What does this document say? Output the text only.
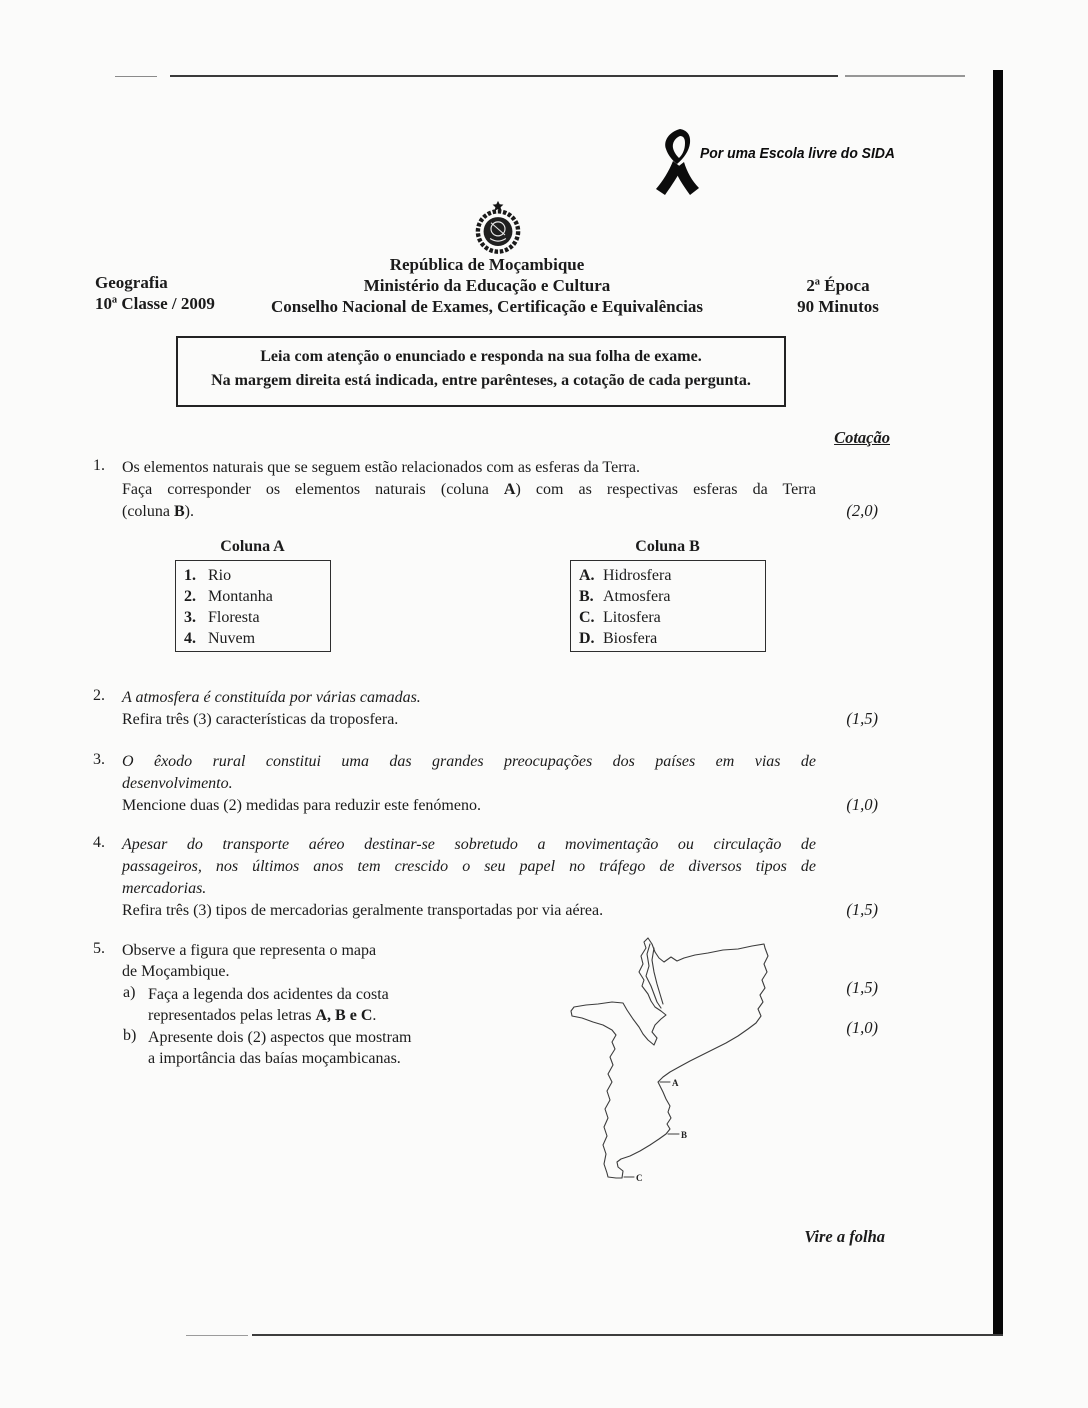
Por uma Escola livre do SIDA
Geografia
10ª Classe / 2009
República de Moçambique
Ministério da Educação e Cultura
Conselho Nacional de Exames, Certificação e Equivalências
2ª Época
90 Minutos
Leia com atenção o enunciado e responda na sua folha de exame.
Na margem direita está indicada, entre parênteses, a cotação de cada pergunta.
Cotação
1. Os elementos naturais que se seguem estão relacionados com as esferas da Terra.
Faça corresponder os elementos naturais (coluna A) com as respectivas esferas da Terra
(coluna B).	(2,0)
Coluna A
1. Rio
2. Montanha
3. Floresta
4. Nuvem
Coluna B
A. Hidrosfera
B. Atmosfera
C. Litosfera
D. Biosfera
2. A atmosfera é constituída por várias camadas.
Refira três (3) características da troposfera.	(1,5)
3. O êxodo rural constitui uma das grandes preocupações dos países em vias de
desenvolvimento.
Mencione duas (2) medidas para reduzir este fenómeno.	(1,0)
4. Apesar do transporte aéreo destinar-se sobretudo a movimentação ou circulação de
passageiros, nos últimos anos tem crescido o seu papel no tráfego de diversos tipos de
mercadorias.
Refira três (3) tipos de mercadorias geralmente transportadas por via aérea.	(1,5)
5. Observe a figura que representa o mapa
de Moçambique.
a) Faça a legenda dos acidentes da costa
representados pelas letras A, B e C.
b) Apresente dois (2) aspectos que mostram
a importância das baías moçambicanas.
(1,5)
(1,0)
A
B
C
Vire a folha
